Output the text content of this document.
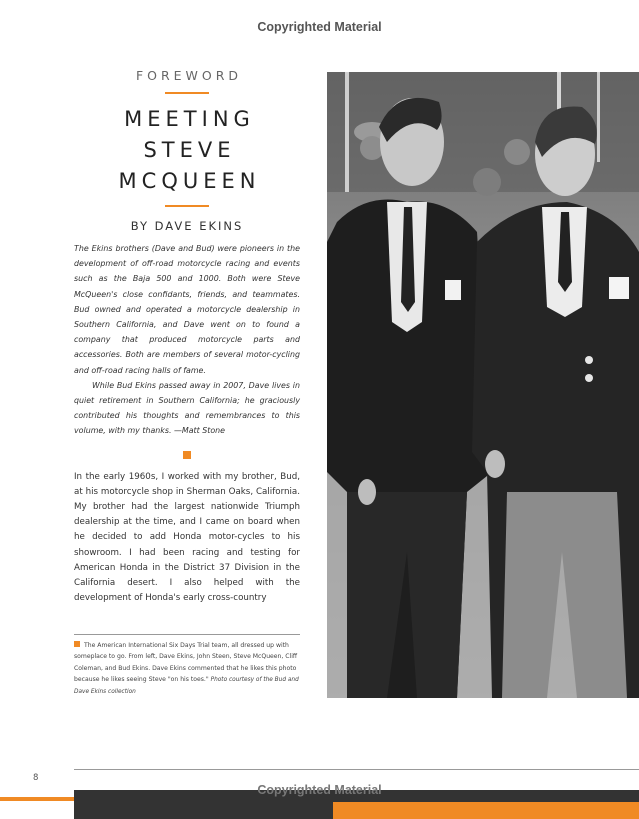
Copyrighted Material
FOREWORD
MEETING
STEVE
MCQUEEN
BY DAVE EKINS

The Ekins brothers (Dave and Bud) were pioneers in the development of off-road motorcycle racing and events such as the Baja 500 and 1000. Both were Steve McQueen's close confidants, friends, and teammates. Bud owned and operated a motorcycle dealership in Southern California, and Dave went on to found a company that produced motorcycle parts and accessories. Both are members of several motor-cycling and off-road racing halls of fame.

While Bud Ekins passed away in 2007, Dave lives in quiet retirement in Southern California; he graciously contributed his thoughts and remembrances to this volume, with my thanks. —Matt Stone

In the early 1960s, I worked with my brother, Bud, at his motorcycle shop in Sherman Oaks, California. My brother had the largest nationwide Triumph dealership at the time, and I came on board when he decided to add Honda motor-cycles to his showroom. I had been racing and testing for American Honda in the District 37 Division in the California desert. I also helped with the development of Honda's early cross-country

The American International Six Days Trial team, all dressed up with someplace to go. From left, Dave Ekins, John Steen, Steve McQueen, Cliff Coleman, and Bud Ekins. Dave Ekins commented that he likes this photo because he likes seeing Steve "on his toes." Photo courtesy of the Bud and Dave Ekins collection
8
Copyrighted Material
